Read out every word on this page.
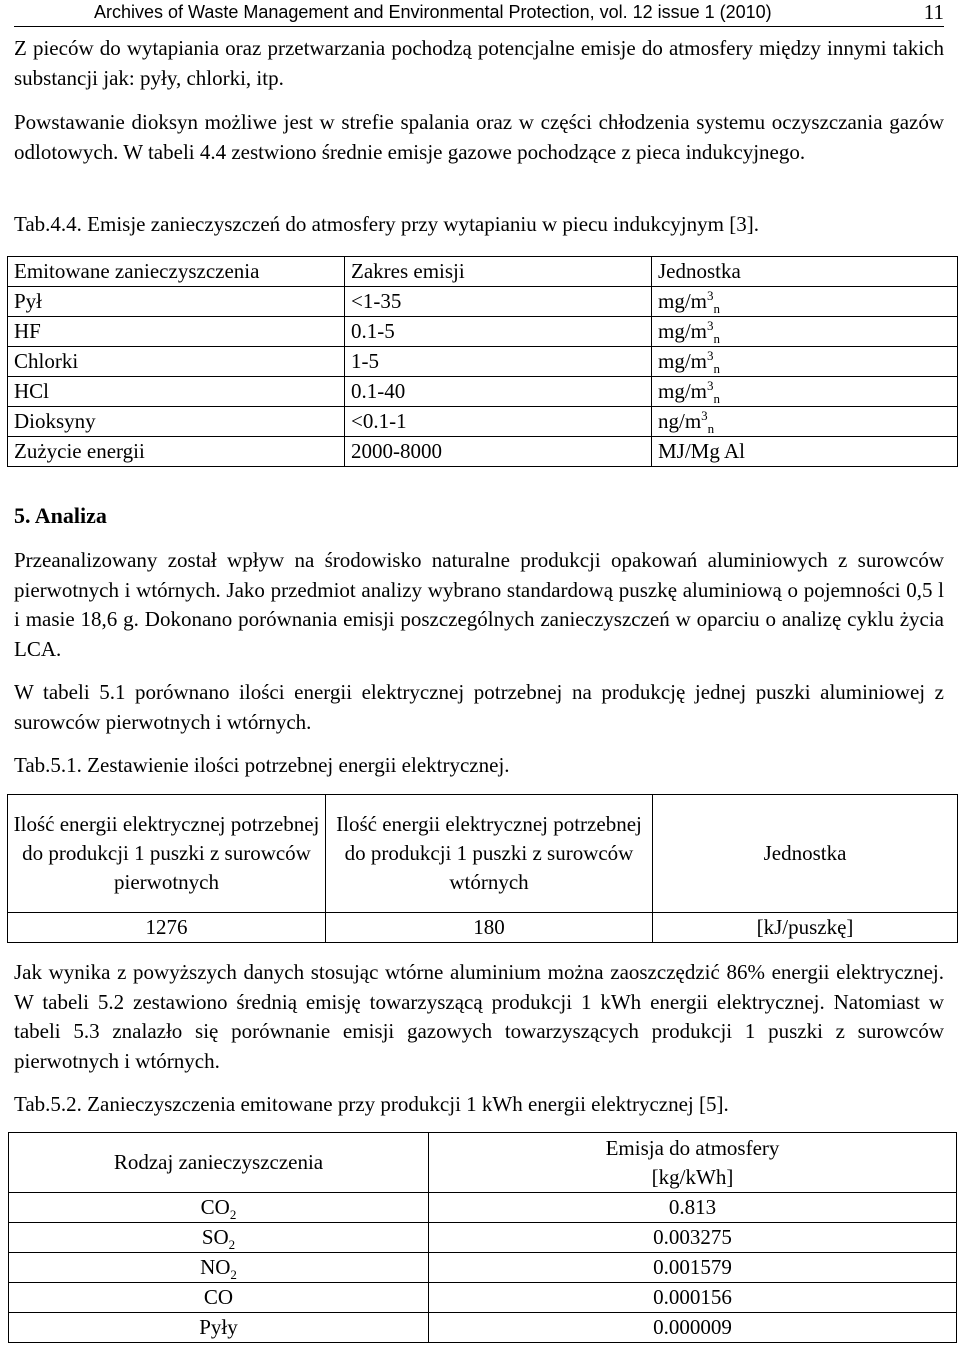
Archives of Waste Management and Environmental Protection, vol. 12 issue 1 (2010)	11

Z pieców do wytapiania oraz przetwarzania pochodzą potencjalne emisje do atmosfery między innymi takich substancji jak: pyły, chlorki, itp.

Powstawanie dioksyn możliwe jest w strefie spalania oraz w części chłodzenia systemu oczyszczania gazów odlotowych. W tabeli 4.4 zestwiono średnie emisje gazowe pochodzące z pieca indukcyjnego.

Tab.4.4. Emisje zanieczyszczeń do atmosfery przy wytapianiu w piecu indukcyjnym [3].

Emitowane zanieczyszczenia	Zakres emisji	Jednostka
Pył	<1-35	$mg/m^3_n$
HF	0.1-5	$mg/m^3_n$
Chlorki	1-5	$mg/m^3_n$
HCl	0.1-40	$mg/m^3_n$
Dioksyny	<0.1-1	$ng/m^3_n$
Zużycie energii	2000-8000	MJ/Mg Al

5. Analiza

Przeanalizowany został wpływ na środowisko naturalne produkcji opakowań aluminiowych z surowców pierwotnych i wtórnych. Jako przedmiot analizy wybrano standardową puszkę aluminiową o pojemności 0,5 l i masie 18,6 g. Dokonano porównania emisji poszczególnych zanieczyszczeń w oparciu o analizę cyklu życia LCA.

W tabeli 5.1 porównano ilości energii elektrycznej potrzebnej na produkcję jednej puszki aluminiowej z surowców pierwotnych i wtórnych.

Tab.5.1. Zestawienie ilości potrzebnej energii elektrycznej.

Ilość energii elektrycznej potrzebnej do produkcji 1 puszki z surowców pierwotnych	Ilość energii elektrycznej potrzebnej do produkcji 1 puszki z surowców wtórnych	Jednostka
1276	180	[kJ/puszkę]

Jak wynika z powyższych danych stosując wtórne aluminium można zaoszczędzić 86% energii elektrycznej. W tabeli 5.2 zestawiono średnią emisję towarzyszącą produkcji 1 kWh energii elektrycznej. Natomiast w tabeli 5.3 znalazło się porównanie emisji gazowych towarzyszących produkcji 1 puszki z surowców pierwotnych i wtórnych.

Tab.5.2. Zanieczyszczenia emitowane przy produkcji 1 kWh energii elektrycznej [5].

Rodzaj zanieczyszczenia	Emisja do atmosfery [kg/kWh]

$CO_2$	0.813
$SO_2$	0.003275
$NO_2$	0.001579
CO	0.000156
Pyły	0.000009
